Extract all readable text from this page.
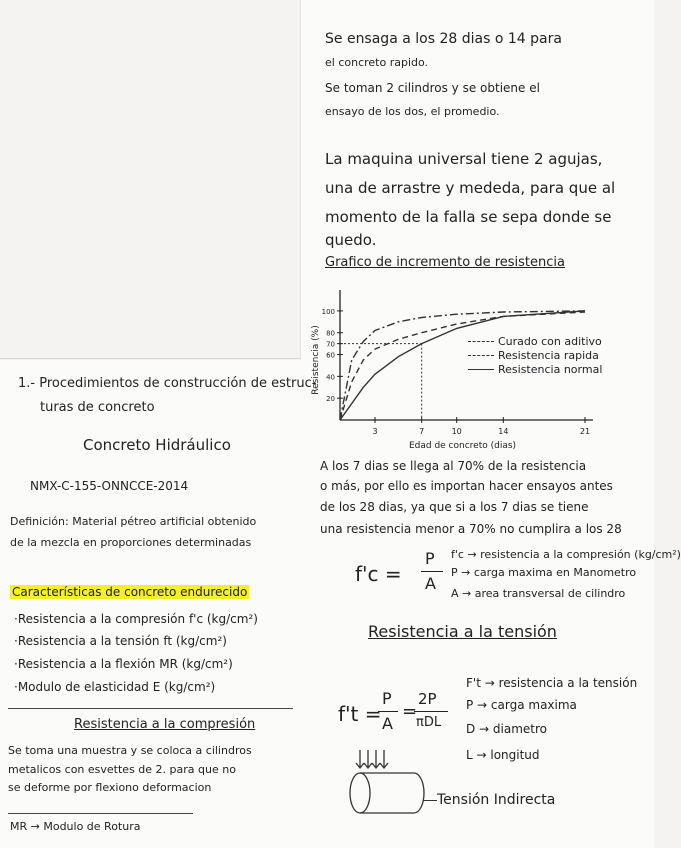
Se ensaga a los 28 dias o 14 para
el concreto rapido.
Se toman 2 cilindros y se obtiene el
ensayo de los dos, el promedio.
La maquina universal tiene 2 agujas,
una de arrastre y mededa, para que al
momento de la falla se sepa donde se
quedo.
Grafico de incremento de resistencia
3	7	10	14	21
20
40
60
70
80
100
Edad de concreto (dias)
Resistencia (%)
A los 7 dias se llega al 70% de la resistencia
o más, por ello es importan hacer ensayos antes
de los 28 dias, ya que si a los 7 dias se tiene
una resistencia menor a 70% no cumplira a los 28
f'c =
P
A
f'c → resistencia a la compresión (kg/cm²)
P → carga maxima en Manometro
A → area transversal de cilindro
Resistencia a la tensión
f't =
P
A
=
2P
πDL
F't → resistencia a la tensión
P → carga maxima
D → diametro
L → longitud
Tensión Indirecta
1.- Procedimientos de construcción de estruc-
turas de concreto
Concreto Hidráulico
NMX-C-155-ONNCCE-2014
Definición: Material pétreo artificial obtenido
de la mezcla en proporciones determinadas
Características de concreto endurecido
·Resistencia a la compresión f'c (kg/cm²)
·Resistencia a la tensión ft (kg/cm²)
·Resistencia a la flexión MR (kg/cm²)
·Modulo de elasticidad E (kg/cm²)
Resistencia a la compresión
Se toma una muestra y se coloca a cilindros
metalicos con esvettes de 2. para que no
se deforme por flexiono deformacion
MR → Modulo de Rotura
Curado con aditivo
Resistencia rapida
Resistencia normal
